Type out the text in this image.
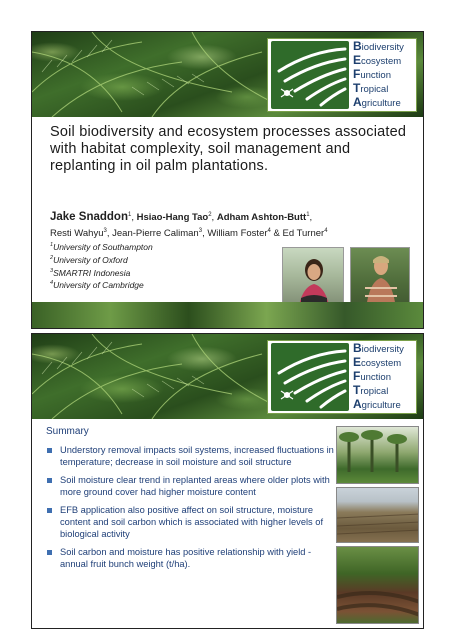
Biodiversity
Ecosystem
Function
Tropical
Agriculture
Soil biodiversity and ecosystem processes associated with habitat complexity, soil management and replanting in oil palm plantations.
Jake Snaddon$^1$, Hsiao-Hang Tao$^2$, Adham Ashton-Butt$^1$,
Resti Wahyu$^3$, Jean-Pierre Caliman$^3$, William Foster$^4$ & Ed Turner$^4$
$^1$University of Southampton
$^2$University of Oxford
$^3$SMARTRI Indonesia
$^4$University of Cambridge
Biodiversity
Ecosystem
Function
Tropical
Agriculture
Summary
Understory removal impacts soil systems, increased fluctuations in temperature; decrease in soil moisture and soil structure
Soil moisture clear trend in replanted areas where older plots with more ground cover had higher moisture content
EFB application also positive affect on soil structure, moisture content and soil carbon which is associated with higher levels of biological activity
Soil carbon and moisture has positive relationship with yield - annual fruit bunch weight (t/ha).
